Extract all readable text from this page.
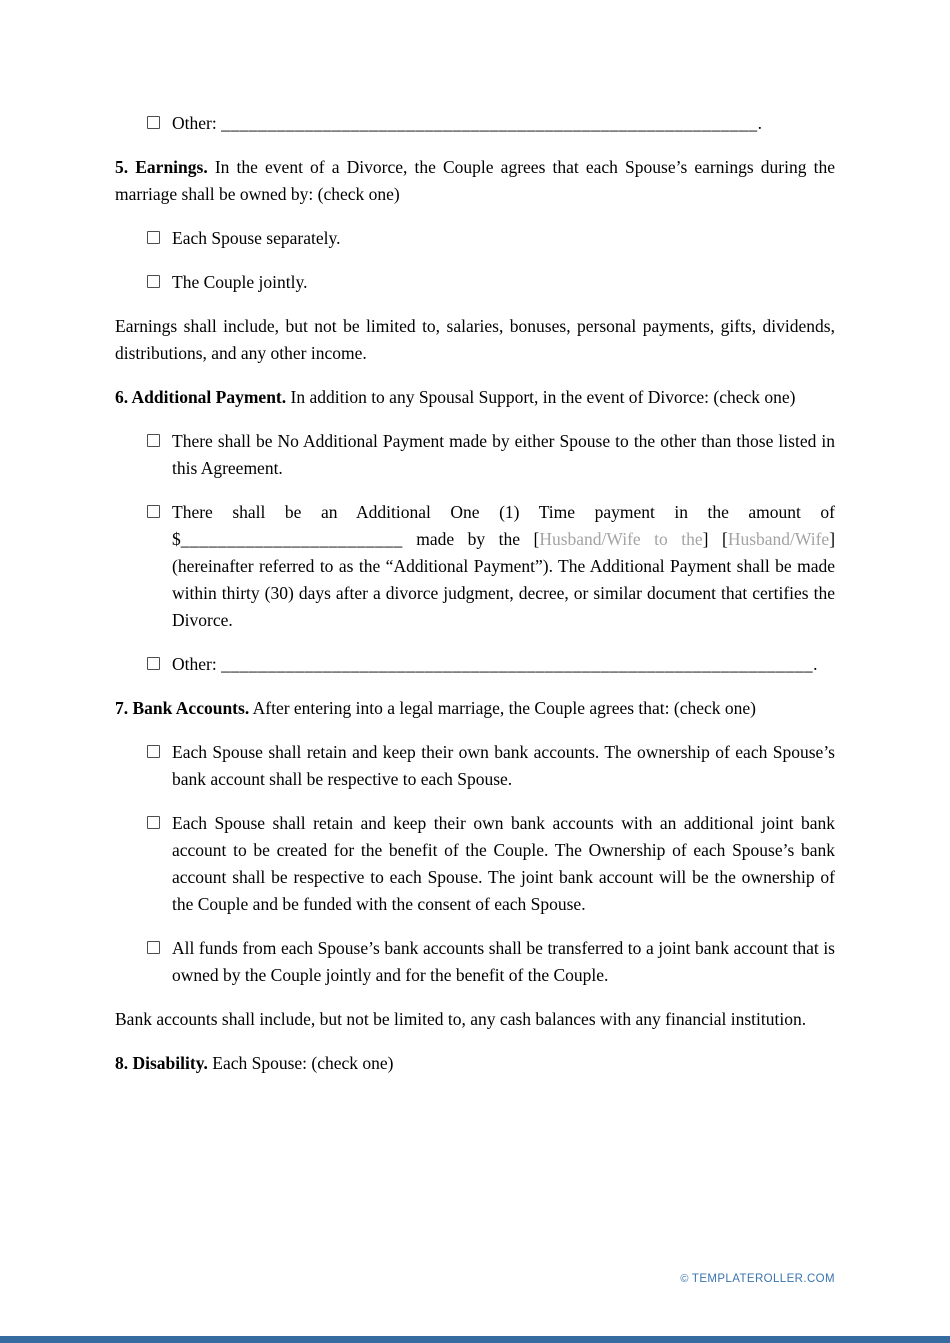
Other: __________________________________________________________.

5. Earnings. In the event of a Divorce, the Couple agrees that each Spouse’s earnings during the marriage shall be owned by: (check one)

Each Spouse separately.
The Couple jointly.

Earnings shall include, but not be limited to, salaries, bonuses, personal payments, gifts, dividends, distributions, and any other income.

6. Additional Payment. In addition to any Spousal Support, in the event of Divorce: (check one)

There shall be No Additional Payment made by either Spouse to the other than those listed in this Agreement.
There shall be an Additional One (1) Time payment in the amount of $________________________ made by the [Husband/Wife to the] [Husband/Wife] (hereinafter referred to as the “Additional Payment”). The Additional Payment shall be made within thirty (30) days after a divorce judgment, decree, or similar document that certifies the Divorce.
Other: ________________________________________________________________.

7. Bank Accounts. After entering into a legal marriage, the Couple agrees that: (check one)

Each Spouse shall retain and keep their own bank accounts. The ownership of each Spouse’s bank account shall be respective to each Spouse.
Each Spouse shall retain and keep their own bank accounts with an additional joint bank account to be created for the benefit of the Couple. The Ownership of each Spouse’s bank account shall be respective to each Spouse. The joint bank account will be the ownership of the Couple and be funded with the consent of each Spouse.
All funds from each Spouse’s bank accounts shall be transferred to a joint bank account that is owned by the Couple jointly and for the benefit of the Couple.

Bank accounts shall include, but not be limited to, any cash balances with any financial institution.

8. Disability. Each Spouse: (check one)

© TEMPLATEROLLER.COM
